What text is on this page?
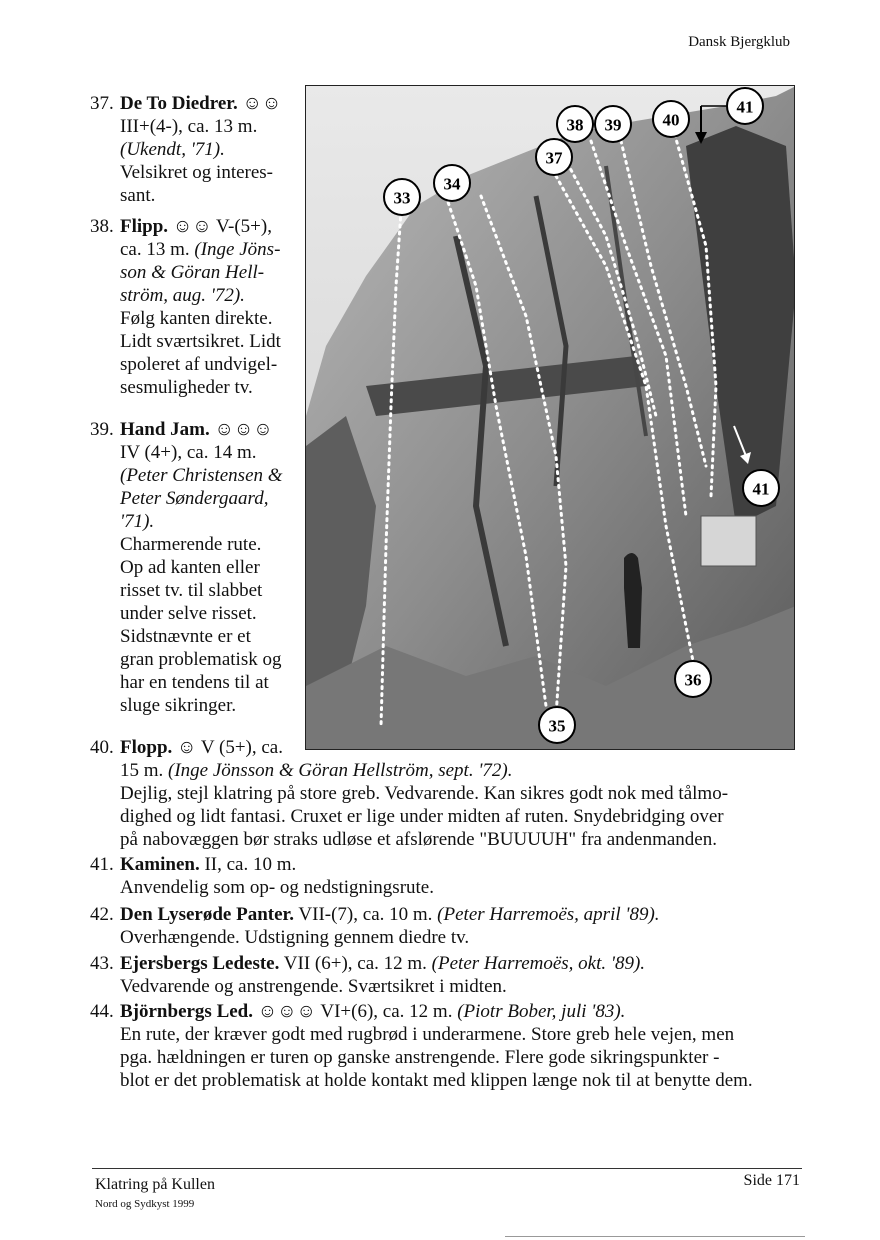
Dansk Bjergklub
37. De To Diedrer. ☺☺
III+(4-), ca. 13 m.
(Ukendt, '71).
Velsikret og interes-
sant.
38. Flipp. ☺☺ V-(5+),
ca. 13 m. (Inge Jöns-
son & Göran Hell-
ström, aug. '72).
Følg kanten direkte.
Lidt sværtsikret. Lidt
spoleret af undvigel-
sesmuligheder tv.
39. Hand Jam. ☺☺☺
IV (4+), ca. 14 m.
(Peter Christensen &
Peter Søndergaard,
'71).
Charmerende rute.
Op ad kanten eller
risset tv. til slabbet
under selve risset.
Sidstnævnte er et
gran problematisk og
har en tendens til at
sluge sikringer.
40. Flopp. ☺ V (5+), ca.
15 m. (Inge Jönsson & Göran Hellström, sept. '72).
Dejlig, stejl klatring på store greb. Vedvarende. Kan sikres godt nok med tålmo-
dighed og lidt fantasi. Cruxet er lige under midten af ruten. Snydebridging over
på nabovæggen bør straks udløse et afslørende "BUUUUH" fra andenmanden.
41. Kaminen. II, ca. 10 m.
Anvendelig som op- og nedstigningsrute.
42. Den Lyserøde Panter. VII-(7), ca. 10 m. (Peter Harremoës, april '89).
Overhængende. Udstigning gennem diedre tv.
43. Ejersbergs Ledeste. VII (6+), ca. 12 m. (Peter Harremoës, okt. '89).
Vedvarende og anstrengende. Sværtsikret i midten.
44. Björnbergs Led. ☺☺☺ VI+(6), ca. 12 m. (Piotr Bober, juli '83).
En rute, der kræver godt med rugbrød i underarmene. Store greb hele vejen, men
pga. hældningen er turen op ganske anstrengende. Flere gode sikringspunkter -
blot er det problematisk at holde kontakt med klippen længe nok til at benytte dem.
33
34
35
36
37
38 39 40
41
41
Klatring på Kullen
Nord og Sydkyst 1999
Side 171
